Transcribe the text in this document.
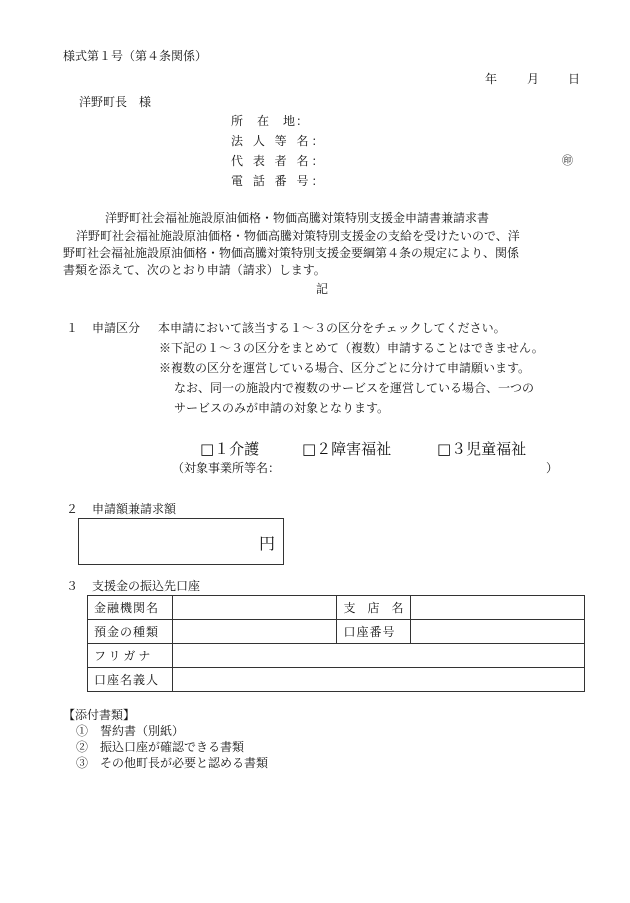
様式第１号（第４条関係）
年 月 日
洋野町長　様
所　在　地：
法 人 等 名：
代 表 者 名：	㊞
電 話 番 号：
洋野町社会福祉施設原油価格・物価高騰対策特別支援金申請書兼請求書
洋野町社会福祉施設原油価格・物価高騰対策特別支援金の支給を受けたいので、洋
野町社会福祉施設原油価格・物価高騰対策特別支援金要綱第４条の規定により、関係
書類を添えて、次のとおり申請（請求）します。
記
１ 申請区分 本申請において該当する１～３の区分をチェックしてください。
※下記の１～３の区分をまとめて（複数）申請することはできません。
※複数の区分を運営している場合、区分ごとに分けて申請願います。
なお、同一の施設内で複数のサービスを運営している場合、一つの
サービスのみが申請の対象となります。
□１介護	□２障害福祉	□３児童福祉
（対象事業所等名：	）
２ 申請額兼請求額
円
３ 支援金の振込先口座
金融機関名		支　店　名	
預金の種類		口座番号	
フリガナ			
口座名義人			
【添付書類】
①　誓約書（別紙）
②　振込口座が確認できる書類
③　その他町長が必要と認める書類
